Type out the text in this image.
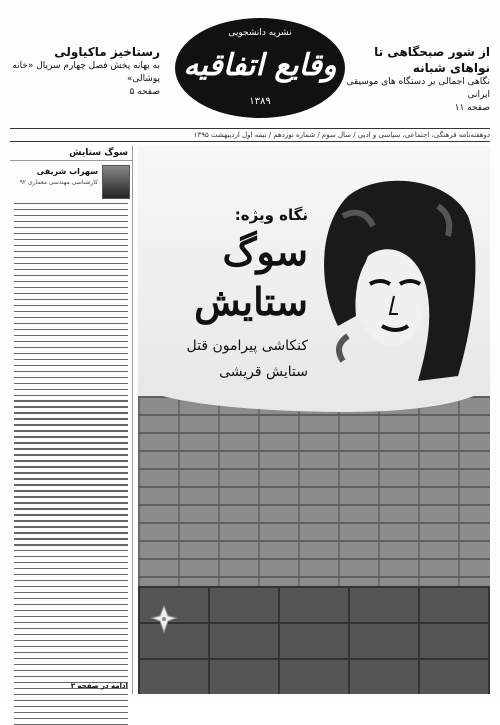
از شور صبحگاهی تا نواهای شبانه
نگاهی اجمالی بر دستگاه های موسیقی ایرانی
صفحه ۱۱
نشریه دانشجویی
وقایع اتفاقیه
۱۳۸۹
رستاخیز ماکیاولی
به بهانه پخش فصل چهارم سریال «خانه پوشالی»
صفحه ۵
دوهفته‌نامه فرهنگی، اجتماعی، سیاسی و ادبی / سال سوم / شماره نوزدهم / نیمه اول اردیبهشت ۱۳۹۵
سوگ ستایش
سهراب شریفی
کارشناسی مهندسی معماری ۹۲
ادامه در صفحه ۳
نگاه ویژه:
سوگ
ستایش
کنکاشی پیرامون قتل
ستایش قریشی
